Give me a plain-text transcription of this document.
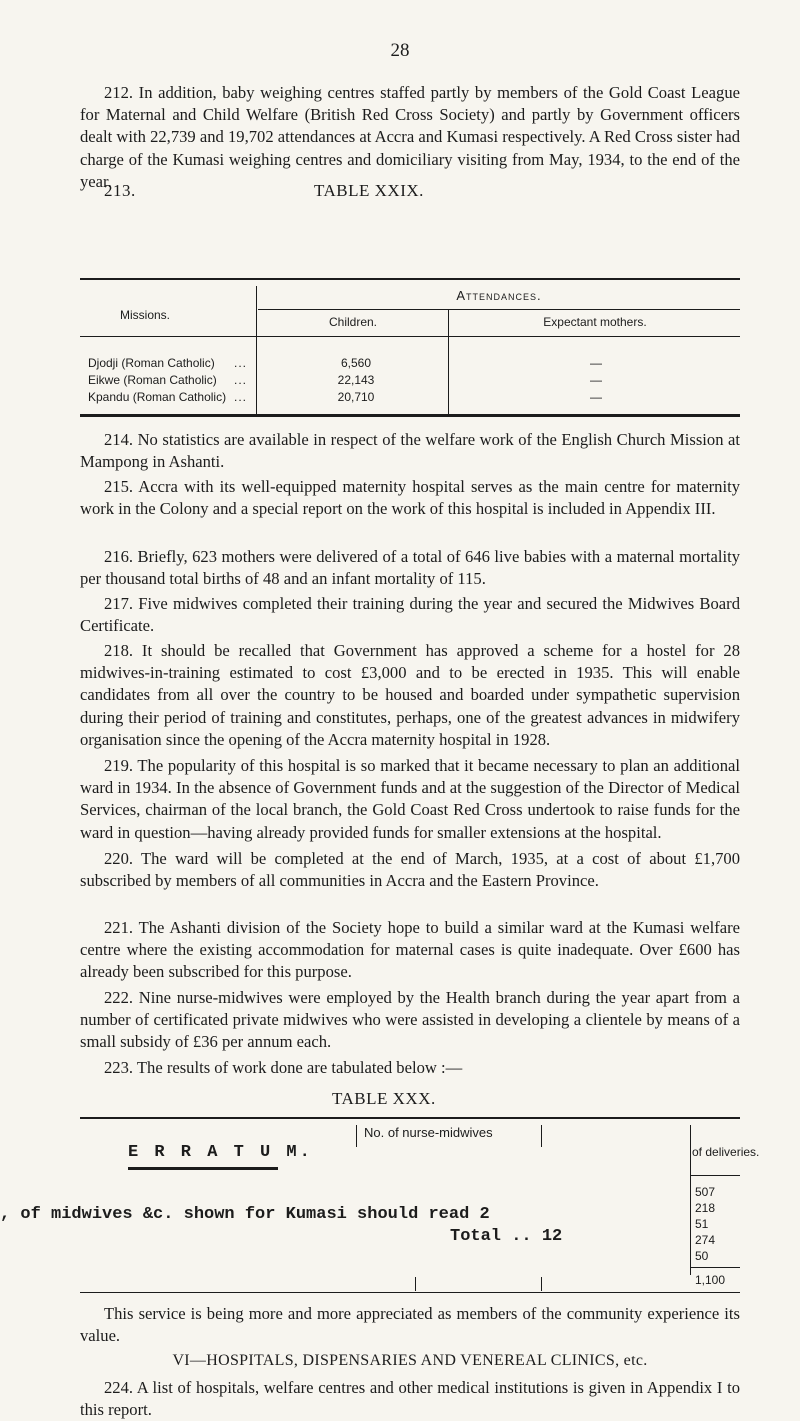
28

212. In addition, baby weighing centres staffed partly by members of the Gold Coast League for Maternal and Child Welfare (British Red Cross Society) and partly by Government officers dealt with 22,739 and 19,702 attendances at Accra and Kumasi respectively. A Red Cross sister had charge of the Kumasi weighing centres and domiciliary visiting from May, 1934, to the end of the year.

213.	TABLE XXIX.
Missions.
Attendances.
Children.	Expectant mothers.
Djodji (Roman Catholic) ...	6,560	—
Eikwe (Roman Catholic) ...	22,143	—
Kpandu (Roman Catholic) ...	20,710	—

214. No statistics are available in respect of the welfare work of the English Church Mission at Mampong in Ashanti.

215. Accra with its well-equipped maternity hospital serves as the main centre for maternity work in the Colony and a special report on the work of this hospital is included in Appendix III.

216. Briefly, 623 mothers were delivered of a total of 646 live babies with a maternal mortality per thousand total births of 48 and an infant mortality of 115.

217. Five midwives completed their training during the year and secured the Midwives Board Certificate.

218. It should be recalled that Government has approved a scheme for a hostel for 28 midwives-in-training estimated to cost £3,000 and to be erected in 1935. This will enable candidates from all over the country to be housed and boarded under sympathetic supervision during their period of training and constitutes, perhaps, one of the greatest advances in midwifery organisation since the opening of the Accra maternity hospital in 1928.

219. The popularity of this hospital is so marked that it became necessary to plan an additional ward in 1934. In the absence of Government funds and at the suggestion of the Director of Medical Services, chairman of the local branch, the Gold Coast Red Cross undertook to raise funds for the ward in question—having already provided funds for smaller extensions at the hospital.

220. The ward will be completed at the end of March, 1935, at a cost of about £1,700 subscribed by members of all communities in Accra and the Eastern Province.

221. The Ashanti division of the Society hope to build a similar ward at the Kumasi welfare centre where the existing accommodation for maternal cases is quite inadequate. Over £600 has already been subscribed for this purpose.

222. Nine nurse-midwives were employed by the Health branch during the year apart from a number of certificated private midwives who were assisted in developing a clientele by means of a small subsidy of £36 per annum each.

223. The results of work done are tabulated below :—

TABLE XXX.
No. of nurse-midwives
of deliveries.
507
218
51
274
50
1,100
E R R A T U M.
, of midwives &c. shown for Kumasi should read 2
Total .. 12

This service is being more and more appreciated as members of the community experience its value.

VI—HOSPITALS, DISPENSARIES AND VENEREAL CLINICS, etc.

224. A list of hospitals, welfare centres and other medical institutions is given in Appendix I to this report.
